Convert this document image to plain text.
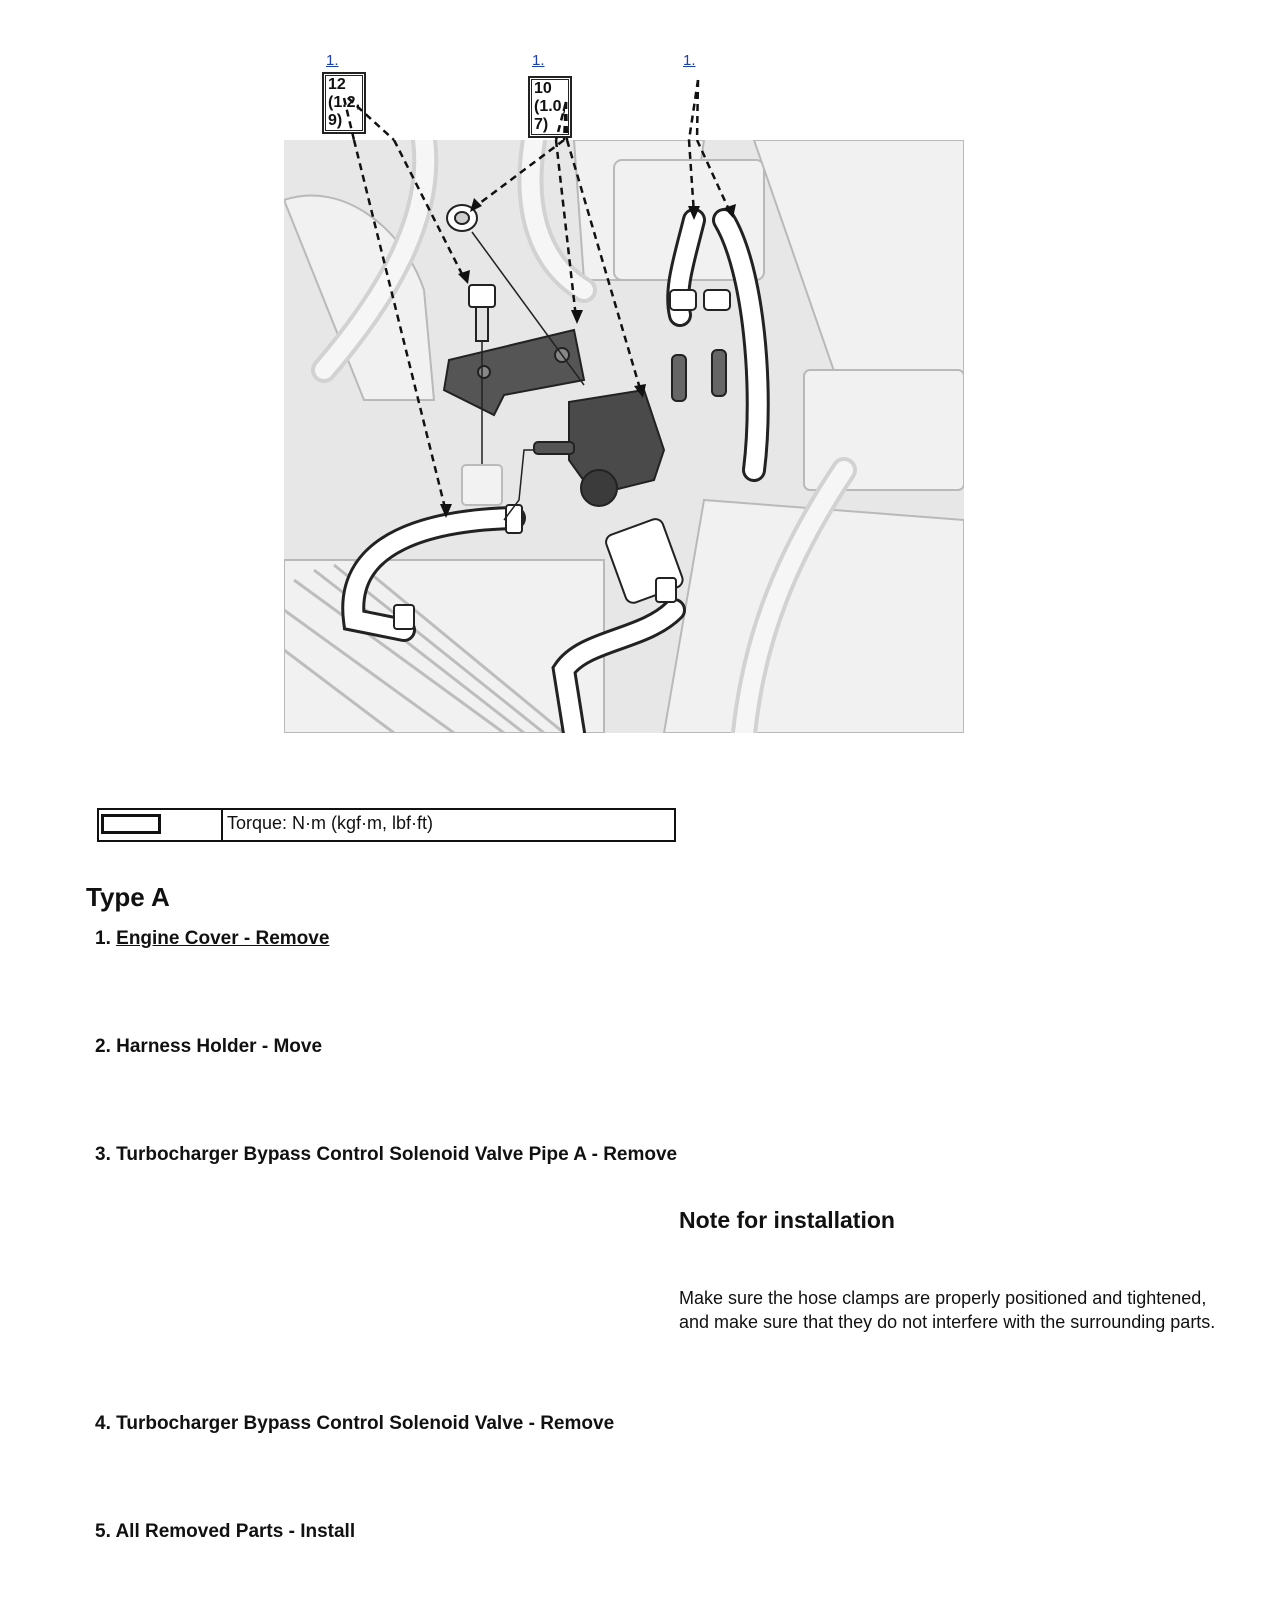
1.
12 (1.2, 9)
1.
10 (1.0, 7)
1.
Torque: N·m (kgf·m, lbf·ft)
Type A
1. Engine Cover - Remove
2. Harness Holder - Move
3. Turbocharger Bypass Control Solenoid Valve Pipe A - Remove
Note for installation

Make sure the hose clamps are properly positioned and tightened, and make sure that they do not interfere with the surrounding parts.

4. Turbocharger Bypass Control Solenoid Valve - Remove
5. All Removed Parts - Install
